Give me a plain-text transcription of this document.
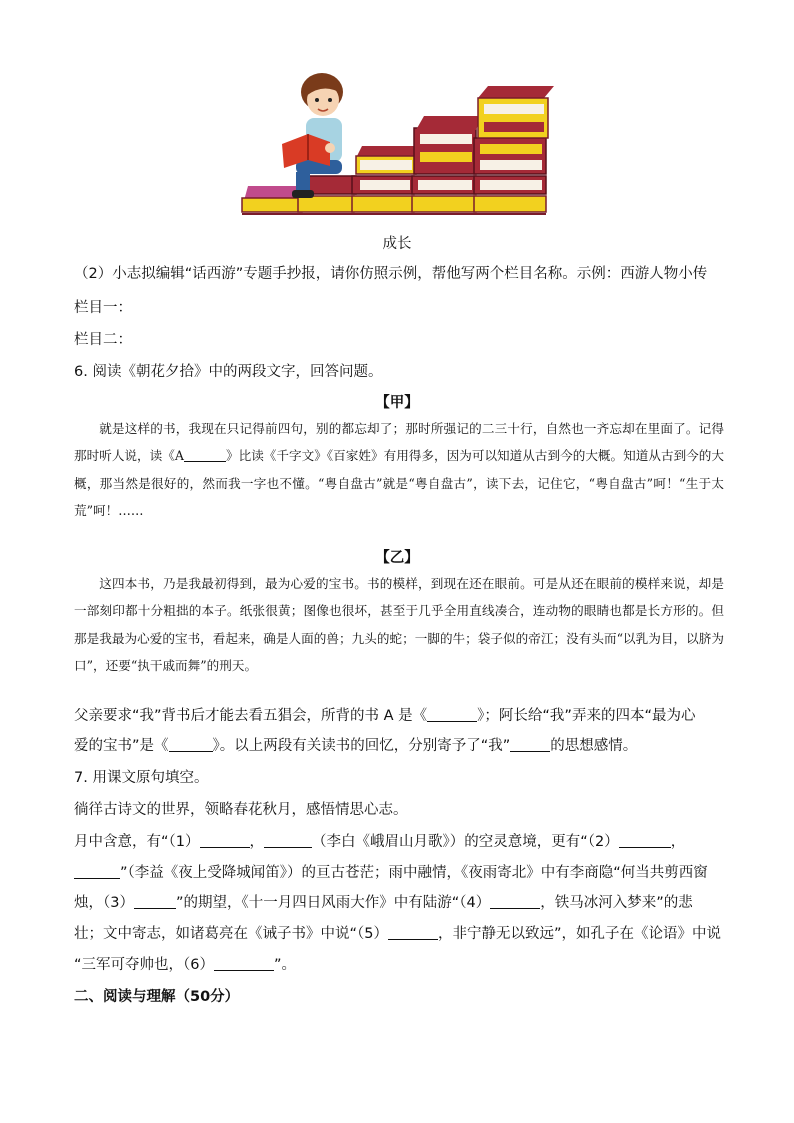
成长
（2）小志拟编辑“话西游”专题手抄报，请你仿照示例，帮他写两个栏目名称。示例：西游人物小传
栏目一：
栏目二：
6. 阅读《朝花夕拾》中的两段文字，回答问题。
【甲】

就是这样的书，我现在只记得前四句，别的都忘却了；那时所强记的二三十行，自然也一齐忘却在里面了。记得那时听人说，读《A	》比读《千字文》《百家姓》有用得多，因为可以知道从古到今的大概。知道从古到今的大概，那当然是很好的，然而我一字也不懂。“粤自盘古”就是“粤自盘古”，读下去，记住它，“粤自盘古”呵！“生于太荒”呵！……

【乙】

这四本书，乃是我最初得到，最为心爱的宝书。书的模样，到现在还在眼前。可是从还在眼前的模样来说，却是一部刻印都十分粗拙的本子。纸张很黄；图像也很坏，甚至于几乎全用直线凑合，连动物的眼睛也都是长方形的。但那是我最为心爱的宝书，看起来，确是人面的兽；九头的蛇；一脚的牛；袋子似的帝江；没有头而“以乳为目，以脐为口”，还要“执干戚而舞”的刑天。

父亲要求“我”背书后才能去看五猖会，所背的书 A 是《	》；阿长给“我”弄来的四本“最为心
爱的宝书”是《	》。以上两段有关读书的回忆，分别寄予了“我”	的思想感情。
7. 用课文原句填空。
徜徉古诗文的世界，领略春花秋月，感悟情思心志。
月中含意，有“（1）	，	（李白《峨眉山月歌》）的空灵意境，更有“（2）	，
”（李益《夜上受降城闻笛》）的亘古苍茫；雨中融情，《夜雨寄北》中有李商隐“何当共剪西窗
烛，（3）	”的期望，《十一月四日风雨大作》中有陆游“（4）	，铁马冰河入梦来”的悲
壮；文中寄志，如诸葛亮在《诫子书》中说“（5）	，非宁静无以致远”，如孔子在《论语》中说
“三军可夺帅也，（6）	”。
二、阅读与理解（50分）
